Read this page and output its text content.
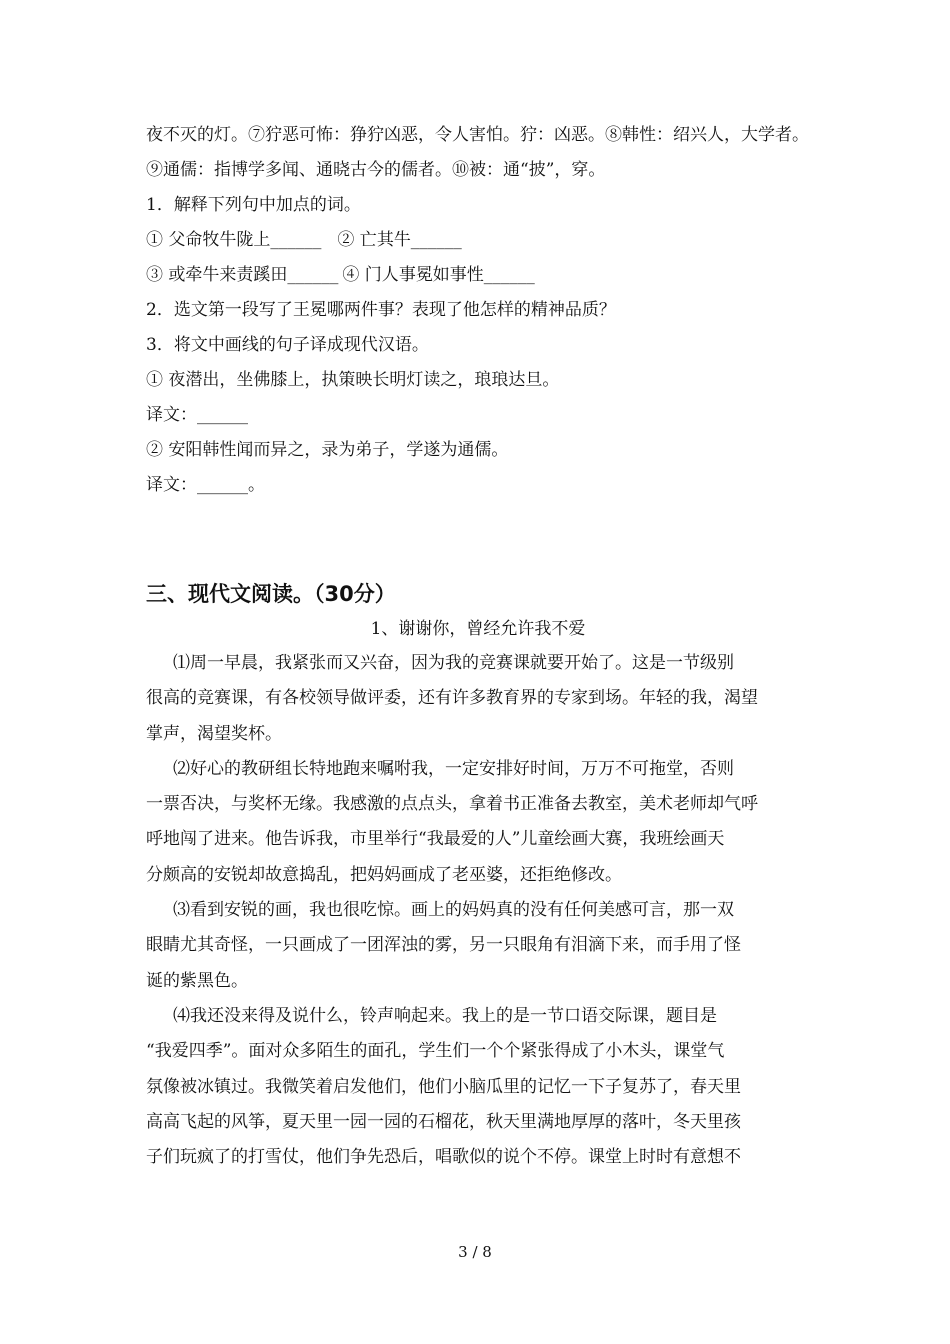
夜不灭的灯。⑦狞恶可怖：狰狞凶恶，令人害怕。狞：凶恶。⑧韩性：绍兴人，大学者。
⑨通儒：指博学多闻、通晓古今的儒者。⑩被：通“披”，穿。
1．解释下列句中加点的词。
① 父命牧牛陇上______ ② 亡其牛______
③ 或牵牛来责蹊田______ ④ 门人事冕如事性______
2．选文第一段写了王冕哪两件事？表现了他怎样的精神品质？
3．将文中画线的句子译成现代汉语。
① 夜潜出，坐佛膝上，执策映长明灯读之，琅琅达旦。
译文：______
② 安阳韩性闻而异之，录为弟子，学遂为通儒。
译文：______。
三、现代文阅读。（30分）
1、谢谢你，曾经允许我不爱
⑴周一早晨，我紧张而又兴奋，因为我的竞赛课就要开始了。这是一节级别
很高的竞赛课，有各校领导做评委，还有许多教育界的专家到场。年轻的我，渴望
掌声，渴望奖杯。
⑵好心的教研组长特地跑来嘱咐我，一定安排好时间，万万不可拖堂，否则
一票否决，与奖杯无缘。我感激的点点头，拿着书正准备去教室，美术老师却气呼
呼地闯了进来。他告诉我，市里举行“我最爱的人”儿童绘画大赛，我班绘画天
分颇高的安锐却故意捣乱，把妈妈画成了老巫婆，还拒绝修改。
⑶看到安锐的画，我也很吃惊。画上的妈妈真的没有任何美感可言，那一双
眼睛尤其奇怪，一只画成了一团浑浊的雾，另一只眼角有泪滴下来，而手用了怪
诞的紫黑色。
⑷我还没来得及说什么，铃声响起来。我上的是一节口语交际课，题目是
“我爱四季”。面对众多陌生的面孔，学生们一个个紧张得成了小木头，课堂气
氛像被冰镇过。我微笑着启发他们，他们小脑瓜里的记忆一下子复苏了，春天里
高高飞起的风筝，夏天里一园一园的石榴花，秋天里满地厚厚的落叶，冬天里孩
子们玩疯了的打雪仗，他们争先恐后，唱歌似的说个不停。课堂上时时有意想不
3 / 8
